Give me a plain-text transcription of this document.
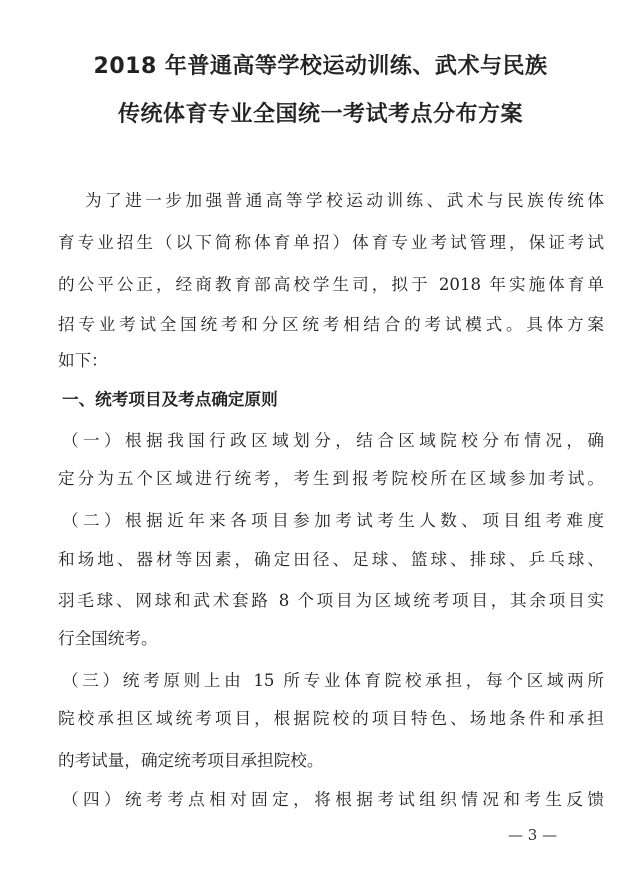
2018 年普通高等学校运动训练、武术与民族
传统体育专业全国统一考试考点分布方案
为了进一步加强普通高等学校运动训练、武术与民族传统体
育专业招生（以下简称体育单招）体育专业考试管理，保证考试
的公平公正，经商教育部高校学生司，拟于 2018 年实施体育单
招专业考试全国统考和分区统考相结合的考试模式。具体方案
如下：
一、统考项目及考点确定原则
（一）根据我国行政区域划分，结合区域院校分布情况，确
定分为五个区域进行统考，考生到报考院校所在区域参加考试。
（二）根据近年来各项目参加考试考生人数、项目组考难度
和场地、器材等因素，确定田径、足球、篮球、排球、乒乓球、
羽毛球、网球和武术套路 8 个项目为区域统考项目，其余项目实
行全国统考。
（三）统考原则上由 15 所专业体育院校承担，每个区域两所
院校承担区域统考项目，根据院校的项目特色、场地条件和承担
的考试量，确定统考项目承担院校。
（四）统考考点相对固定，将根据考试组织情况和考生反馈
— 3 —
